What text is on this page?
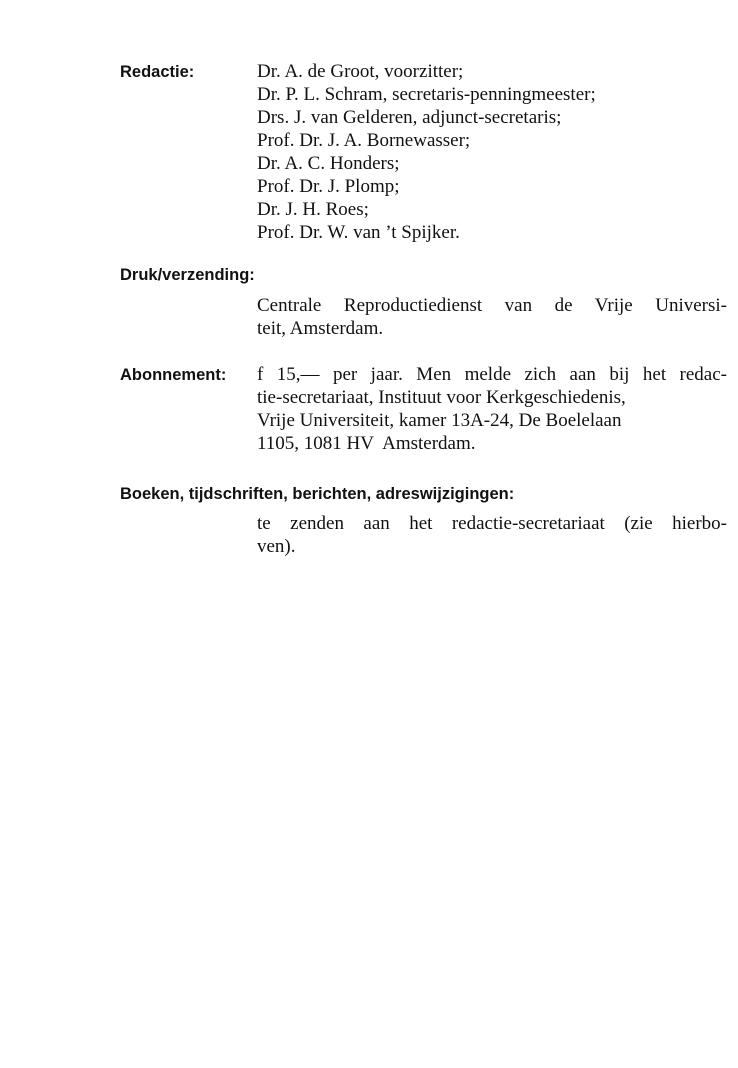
Redactie:	Dr. A. de Groot, voorzitter;
Dr. P. L. Schram, secretaris-penningmeester;
Drs. J. van Gelderen, adjunct-secretaris;
Prof. Dr. J. A. Bornewasser;
Dr. A. C. Honders;
Prof. Dr. J. Plomp;
Dr. J. H. Roes;
Prof. Dr. W. van ’t Spijker.
Druk/verzending:
Centrale Reproductiedienst van de Vrije Universi-
teit, Amsterdam.
Abonnement: f 15,— per jaar. Men melde zich aan bij het redac-
tie-secretariaat, Instituut voor Kerkgeschiedenis,
Vrije Universiteit, kamer 13A-24, De Boelelaan
1105, 1081 HV  Amsterdam.
Boeken, tijdschriften, berichten, adreswijzigingen:
te zenden aan het redactie-secretariaat (zie hierbo-
ven).
